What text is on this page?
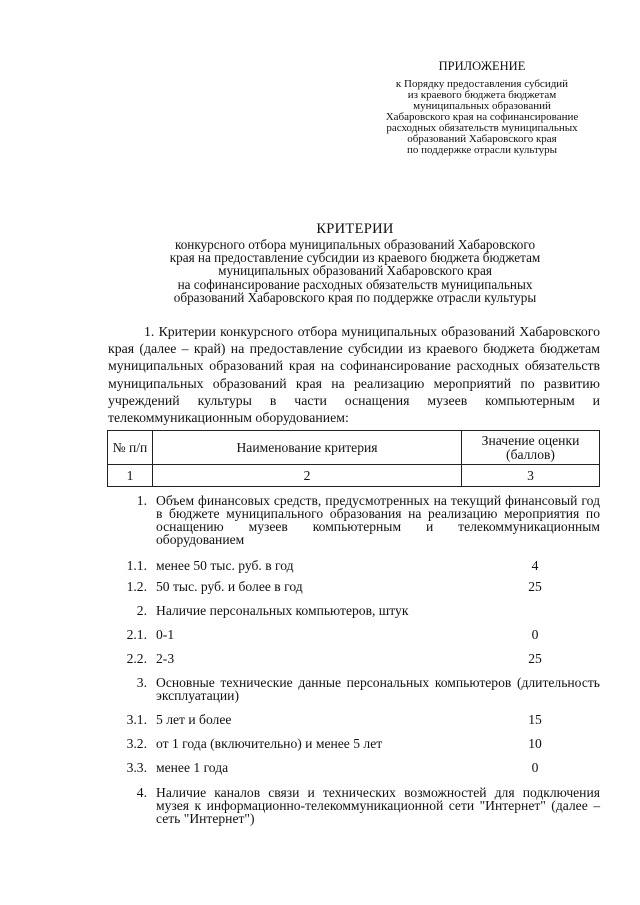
ПРИЛОЖЕНИЕ
к Порядку предоставления субсидий
из краевого бюджета бюджетам
муниципальных образований
Хабаровского края на софинансирование
расходных обязательств муниципальных
образований Хабаровского края
по поддержке отрасли культуры
КРИТЕРИИ
конкурсного отбора муниципальных образований Хабаровского
края на предоставление субсидии из краевого бюджета бюджетам
муниципальных образований Хабаровского края
на софинансирование расходных обязательств муниципальных
образований Хабаровского края по поддержке отрасли культуры
1. Критерии конкурсного отбора муниципальных образований Хабаровского края (далее – край) на предоставление субсидии из краевого бюджета бюджетам муниципальных образований края на софинансирование расходных обязательств муниципальных образований края на реализацию мероприятий по развитию учреждений культуры в части оснащения музеев компьютерным и телекоммуникационным оборудованием:
№ п/п	Наименование критерия	Значение оценки (баллов)
1	2	3
1. Объем финансовых средств, предусмотренных на текущий финансовый год в бюджете муниципального образования на реализацию мероприятия по оснащению музеев компьютерным и телекоммуникационным оборудованием
1.1. менее 50 тыс. руб. в год	4
1.2. 50 тыс. руб. и более в год	25
2. Наличие персональных компьютеров, штук
2.1. 0-1	0
2.2. 2-3	25
3. Основные технические данные персональных компьютеров (длительность эксплуатации)
3.1. 5 лет и более	15
3.2. от 1 года (включительно) и менее 5 лет	10
3.3. менее 1 года	0
4. Наличие каналов связи и технических возможностей для подключения музея к информационно-телекоммуникационной сети "Интернет" (далее – сеть "Интернет")
